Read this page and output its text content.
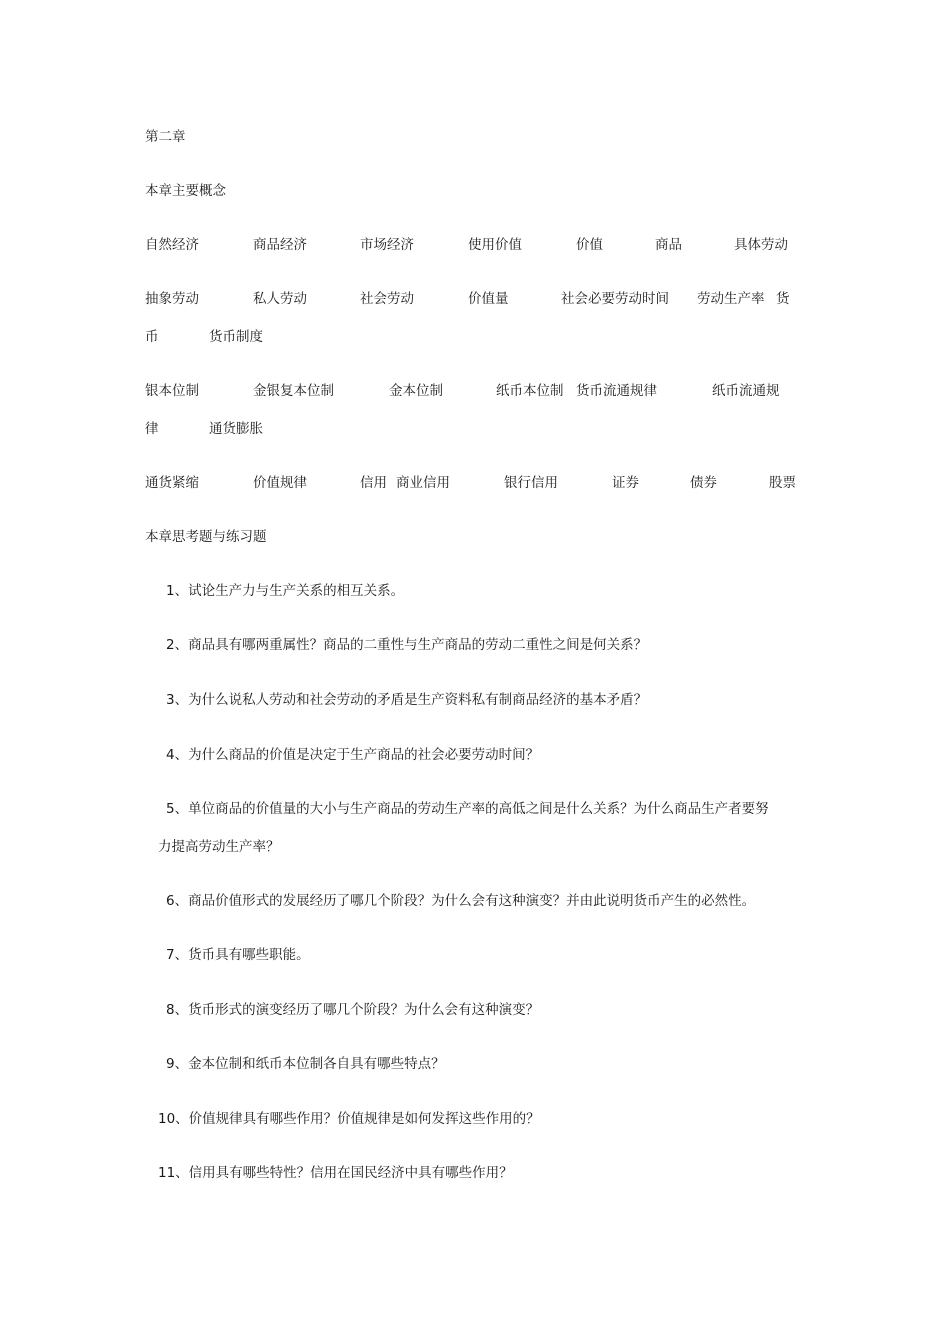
第二章
本章主要概念
自然经济	商品经济	市场经济	使用价值	价值	商品	具体劳动
抽象劳动	私人劳动	社会劳动	价值量	社会必要劳动时间 劳动生产率 货
币	货币制度
银本位制	金银复本位制	金本位制	纸币本位制 货币流通规律	纸币流通规
律	通货膨胀
通货紧缩	价值规律	信用 商业信用	银行信用	证券	债券	股票
本章思考题与练习题
1、试论生产力与生产关系的相互关系。
2、商品具有哪两重属性？商品的二重性与生产商品的劳动二重性之间是何关系？
3、为什么说私人劳动和社会劳动的矛盾是生产资料私有制商品经济的基本矛盾？
4、为什么商品的价值是决定于生产商品的社会必要劳动时间？
5、单位商品的价值量的大小与生产商品的劳动生产率的高低之间是什么关系？为什么商品生产者要努
力提高劳动生产率？
6、商品价值形式的发展经历了哪几个阶段？为什么会有这种演变？并由此说明货币产生的必然性。
7、货币具有哪些职能。
8、货币形式的演变经历了哪几个阶段？为什么会有这种演变？
9、金本位制和纸币本位制各自具有哪些特点？
10、价值规律具有哪些作用？价值规律是如何发挥这些作用的？
11、信用具有哪些特性？信用在国民经济中具有哪些作用？
